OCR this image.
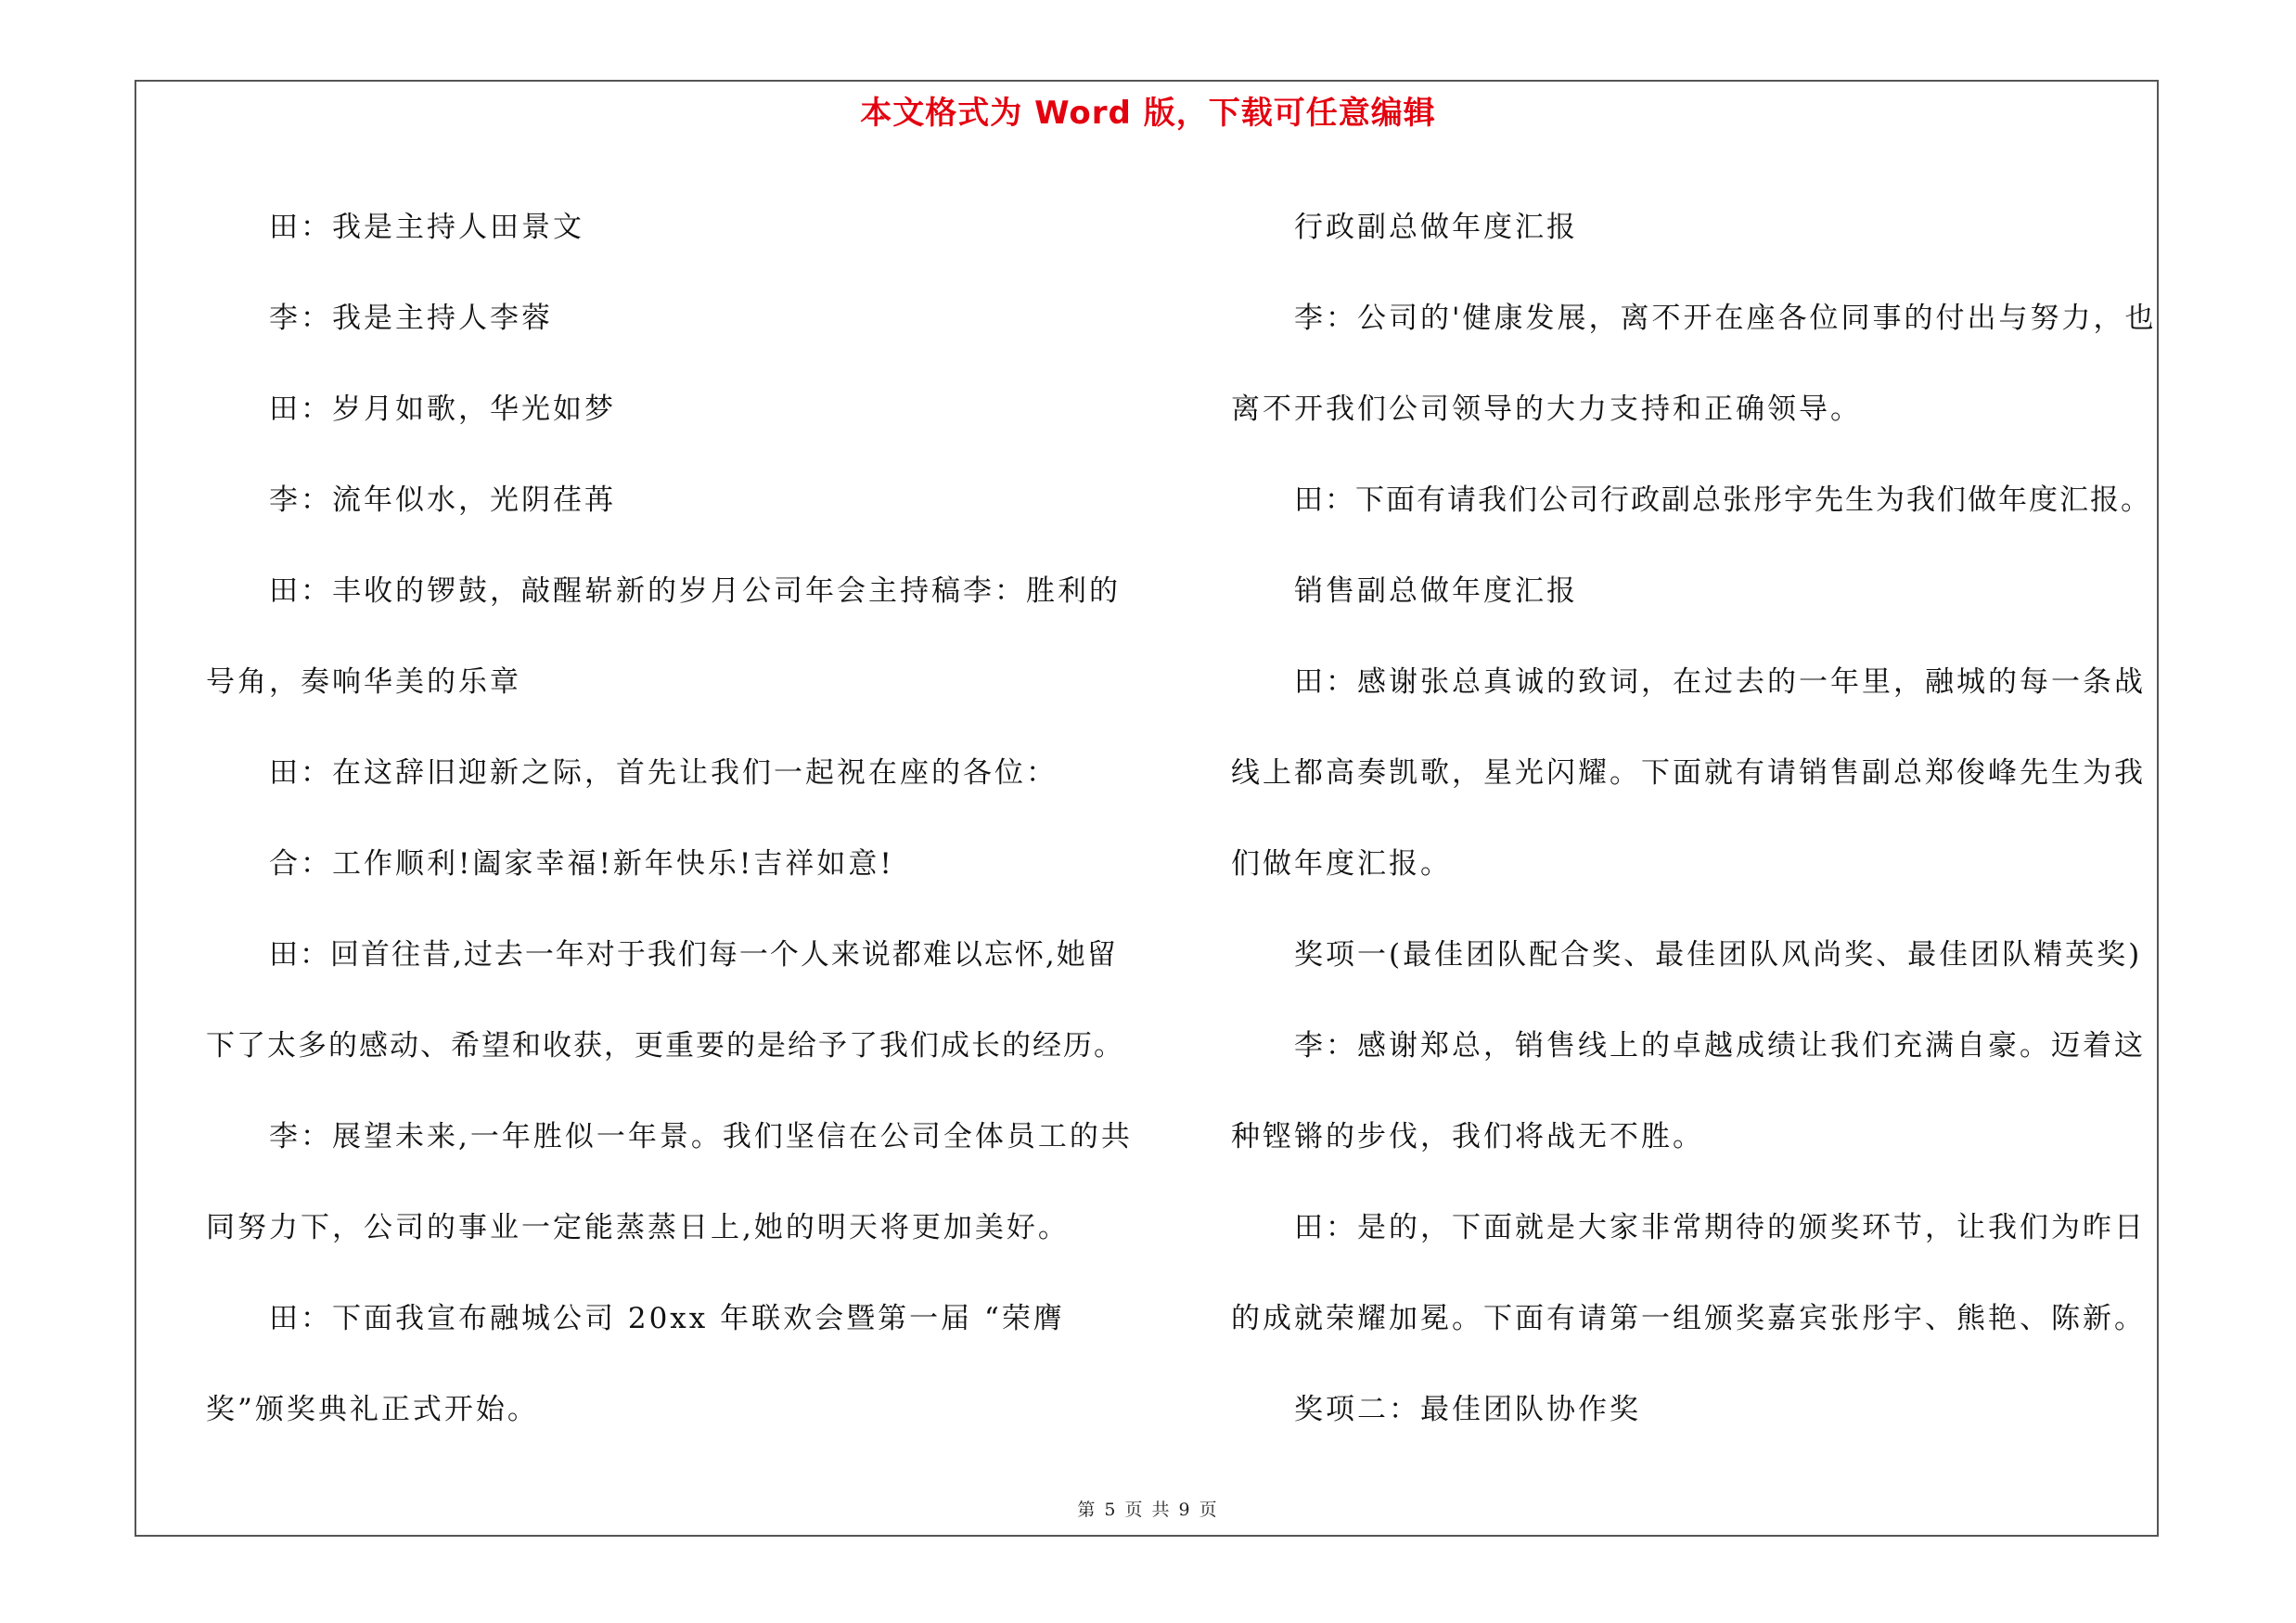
本文格式为 Word 版，下载可任意编辑

田：我是主持人田景文

李：我是主持人李蓉

田：岁月如歌，华光如梦

李：流年似水，光阴荏苒

田：丰收的锣鼓，敲醒崭新的岁月公司年会主持稿李：胜利的号角，奏响华美的乐章

田：在这辞旧迎新之际，首先让我们一起祝在座的各位：

合：工作顺利!阖家幸福!新年快乐!吉祥如意!

田：回首往昔,过去一年对于我们每一个人来说都难以忘怀,她留下了太多的感动、希望和收获，更重要的是给予了我们成长的经历。

李：展望未来,一年胜似一年景。我们坚信在公司全体员工的共同努力下，公司的事业一定能蒸蒸日上,她的明天将更加美好。

田：下面我宣布融城公司 20xx 年联欢会暨第一届 “荣膺奖”颁奖典礼正式开始。

行政副总做年度汇报

李：公司的'健康发展，离不开在座各位同事的付出与努力，也离不开我们公司领导的大力支持和正确领导。

田：下面有请我们公司行政副总张彤宇先生为我们做年度汇报。

销售副总做年度汇报

田：感谢张总真诚的致词，在过去的一年里，融城的每一条战线上都高奏凯歌，星光闪耀。下面就有请销售副总郑俊峰先生为我们做年度汇报。

奖项一(最佳团队配合奖、最佳团队风尚奖、最佳团队精英奖)

李：感谢郑总，销售线上的卓越成绩让我们充满自豪。迈着这种铿锵的步伐，我们将战无不胜。

田：是的，下面就是大家非常期待的颁奖环节，让我们为昨日的成就荣耀加冕。下面有请第一组颁奖嘉宾张彤宇、熊艳、陈新。

奖项二：最佳团队协作奖

第 5 页 共 9 页
